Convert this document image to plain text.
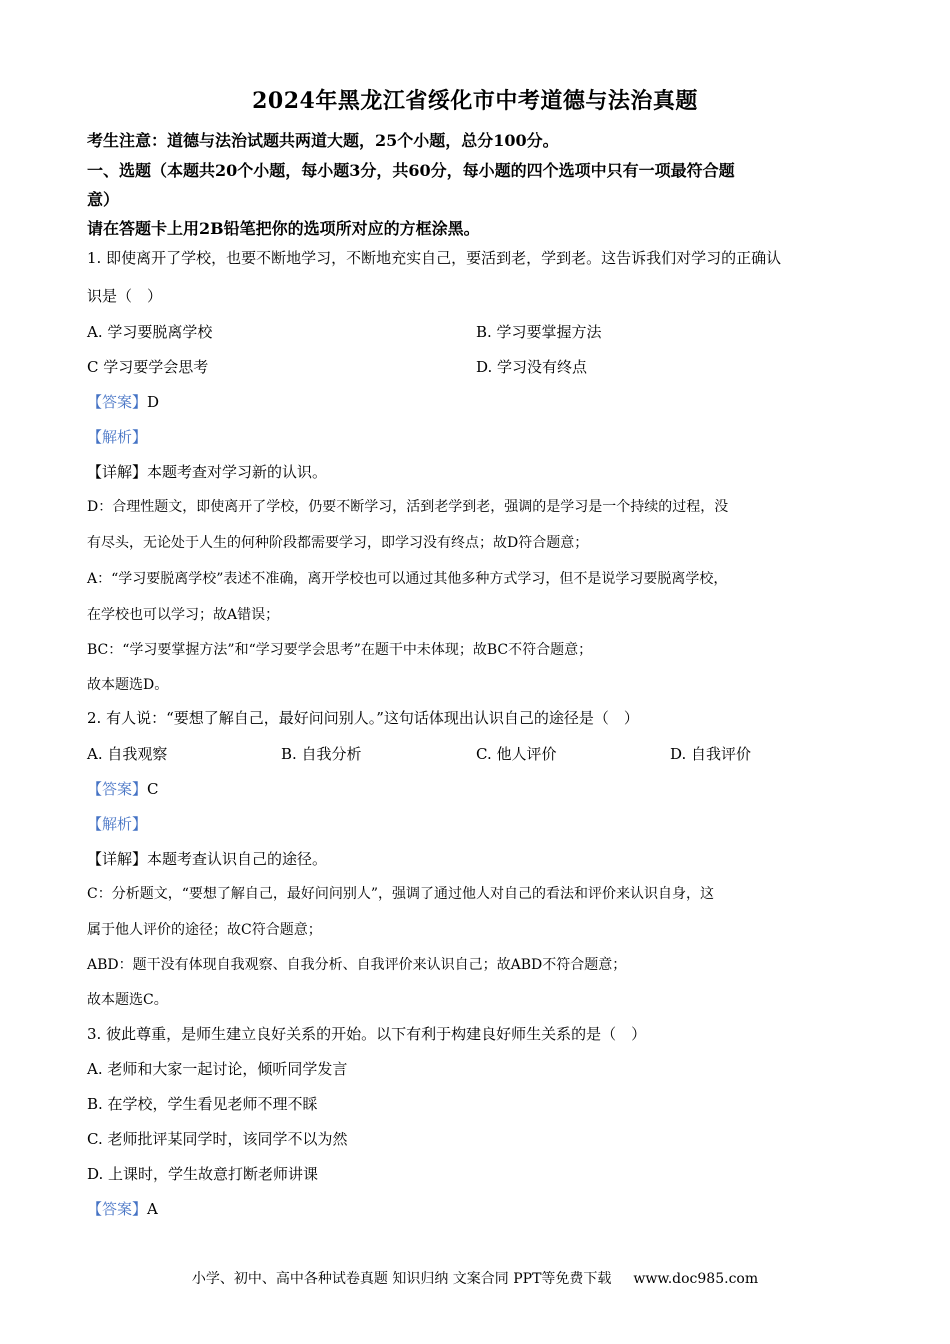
2024年黑龙江省绥化市中考道德与法治真题
考生注意：道德与法治试题共两道大题，25个小题，总分100分。
一、选题（本题共20个小题，每小题3分，共60分，每小题的四个选项中只有一项最符合题
意）
请在答题卡上用2B铅笔把你的选项所对应的方框涂黑。
1. 即使离开了学校，也要不断地学习，不断地充实自己，要活到老，学到老。这告诉我们对学习的正确认
识是（　）
A. 学习要脱离学校	B. 学习要掌握方法
C 学习要学会思考	D. 学习没有终点
【答案】D
【解析】
【详解】本题考查对学习新的认识。
D：合理性题文，即使离开了学校，仍要不断学习，活到老学到老，强调的是学习是一个持续的过程，没
有尽头，无论处于人生的何种阶段都需要学习，即学习没有终点；故D符合题意；
A：“学习要脱离学校”表述不准确，离开学校也可以通过其他多种方式学习，但不是说学习要脱离学校，
在学校也可以学习；故A错误；
BC：“学习要掌握方法”和“学习要学会思考”在题干中未体现；故BC不符合题意；
故本题选D。
2. 有人说：“要想了解自己，最好问问别人。”这句话体现出认识自己的途径是（　）
A. 自我观察	B. 自我分析	C. 他人评价	D. 自我评价
【答案】C
【解析】
【详解】本题考查认识自己的途径。
C：分析题文，“要想了解自己，最好问问别人”，强调了通过他人对自己的看法和评价来认识自身，这
属于他人评价的途径；故C符合题意；
ABD：题干没有体现自我观察、自我分析、自我评价来认识自己；故ABD不符合题意；
故本题选C。
3. 彼此尊重，是师生建立良好关系的开始。以下有利于构建良好师生关系的是（　）
A. 老师和大家一起讨论，倾听同学发言
B. 在学校，学生看见老师不理不睬
C. 老师批评某同学时，该同学不以为然
D. 上课时，学生故意打断老师讲课
【答案】A
小学、初中、高中各种试卷真题 知识归纳 文案合同 PPT等免费下载 www.doc985.com
